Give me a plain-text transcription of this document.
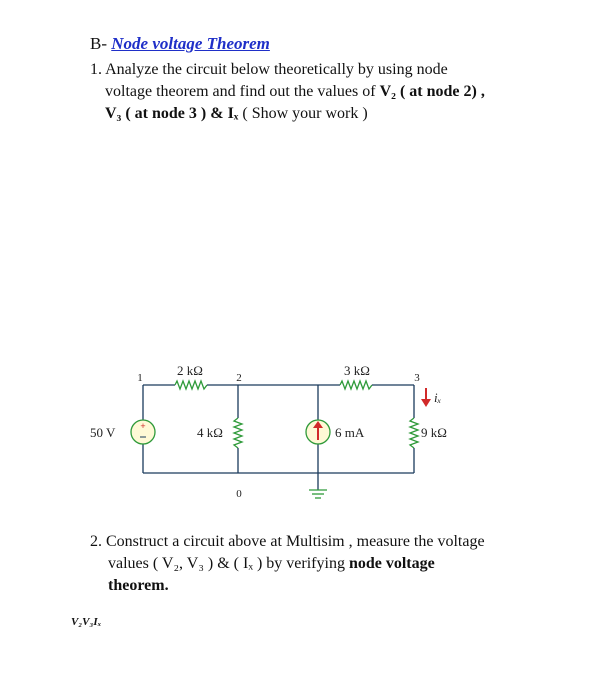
B- Node voltage Theorem
1. Analyze the circuit below theoretically by using node
voltage theorem and find out the values of V₂ ( at node 2) ,
V₃ ( at node 3 ) & Iₓ ( Show your work )
+
1	2	3
0
2 kΩ	3 kΩ
50 V	4 kΩ	6 mA	9 kΩ
iₓ
2. Construct a circuit above at Multisim , measure the voltage
values ( V₂, V₃ ) & ( Iₓ ) by verifying node voltage
theorem.
V₂V₃Iₓ
